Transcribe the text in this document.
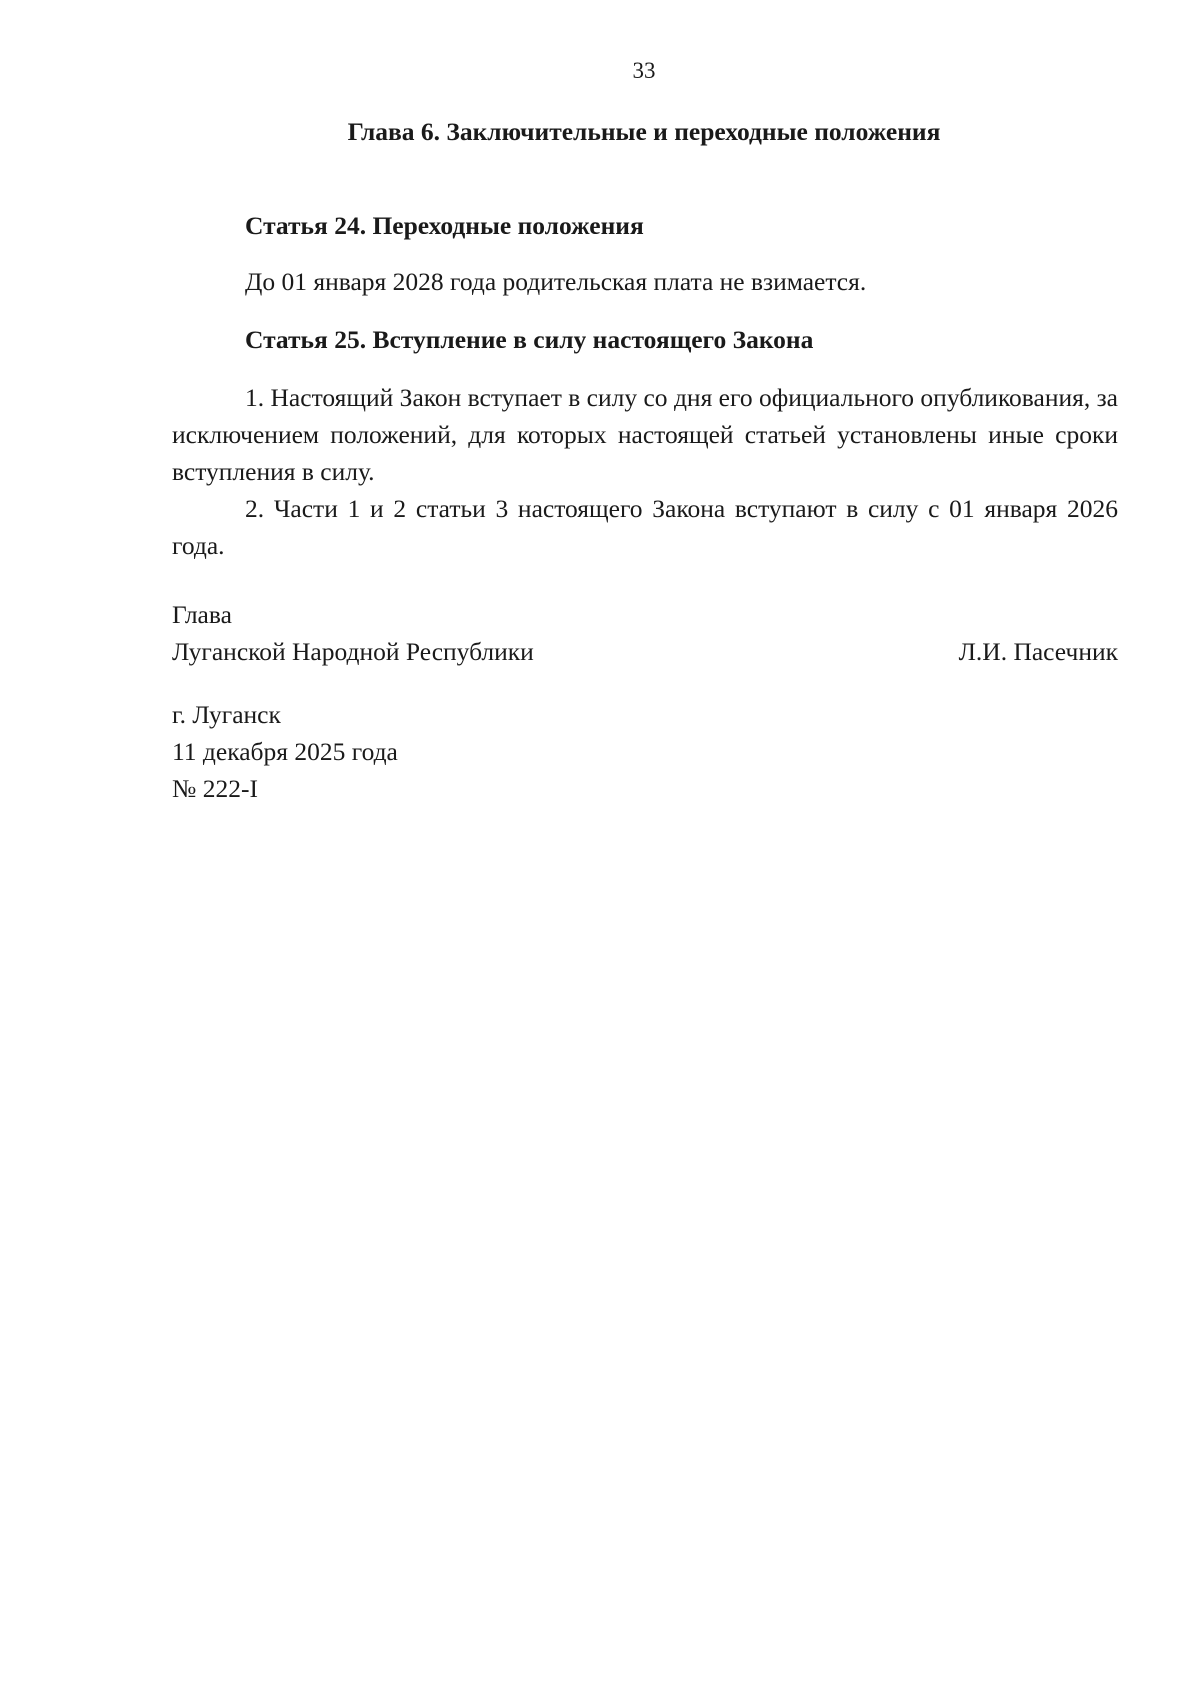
33
Глава 6. Заключительные и переходные положения
Статья 24. Переходные положения
До 01 января 2028 года родительская плата не взимается.
Статья 25. Вступление в силу настоящего Закона

1. Настоящий Закон вступает в силу со дня его официального опубликования, за исключением положений, для которых настоящей статьей установлены иные сроки вступления в силу.

2. Части 1 и 2 статьи 3 настоящего Закона вступают в силу с 01 января 2026 года.

Глава
Луганской Народной Республики	Л.И. Пасечник
г. Луганск
11 декабря 2025 года
№ 222-I
